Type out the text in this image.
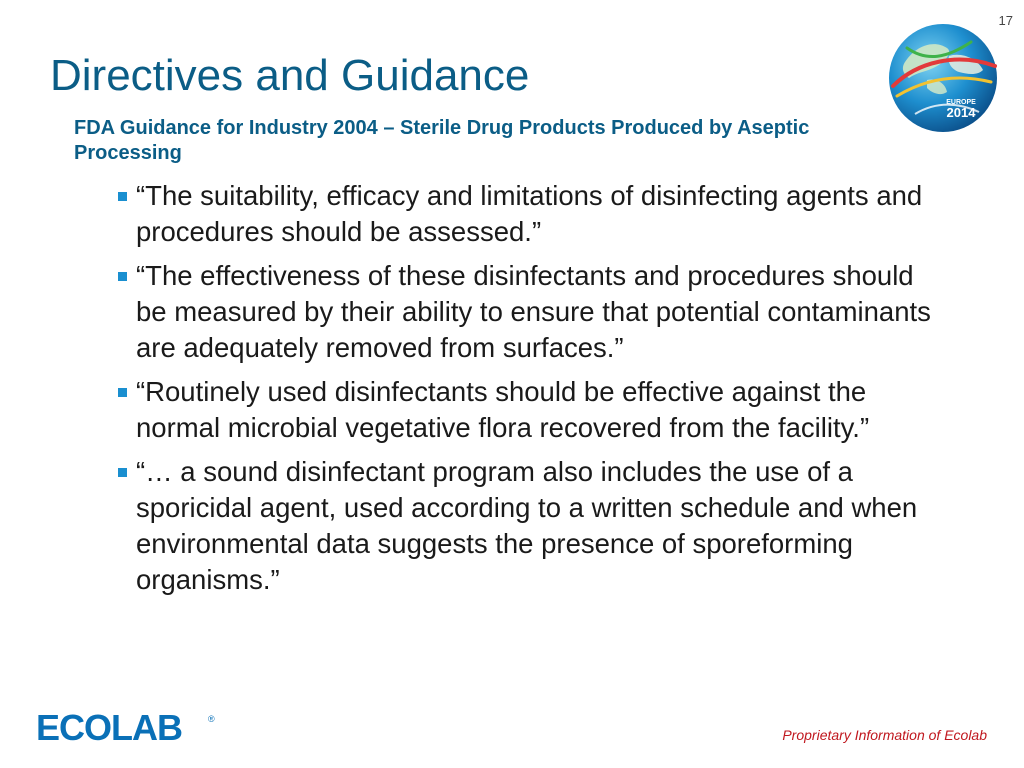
17
EUROPE
2014
Directives and Guidance

FDA Guidance for Industry 2004 – Sterile Drug Products Produced by Aseptic Processing

“The suitability, efficacy and limitations of disinfecting agents and procedures should be assessed.”
“The effectiveness of these disinfectants and procedures should be measured by their ability to ensure that potential contaminants are adequately removed from surfaces.”
“Routinely used disinfectants should be effective against the normal microbial vegetative flora recovered from the facility.”
“… a sound disinfectant program also includes the use of a sporicidal agent, used according to a written schedule and when environmental data suggests the presence of sporeforming organisms.”
ECOLAB	®
Proprietary Information of Ecolab
